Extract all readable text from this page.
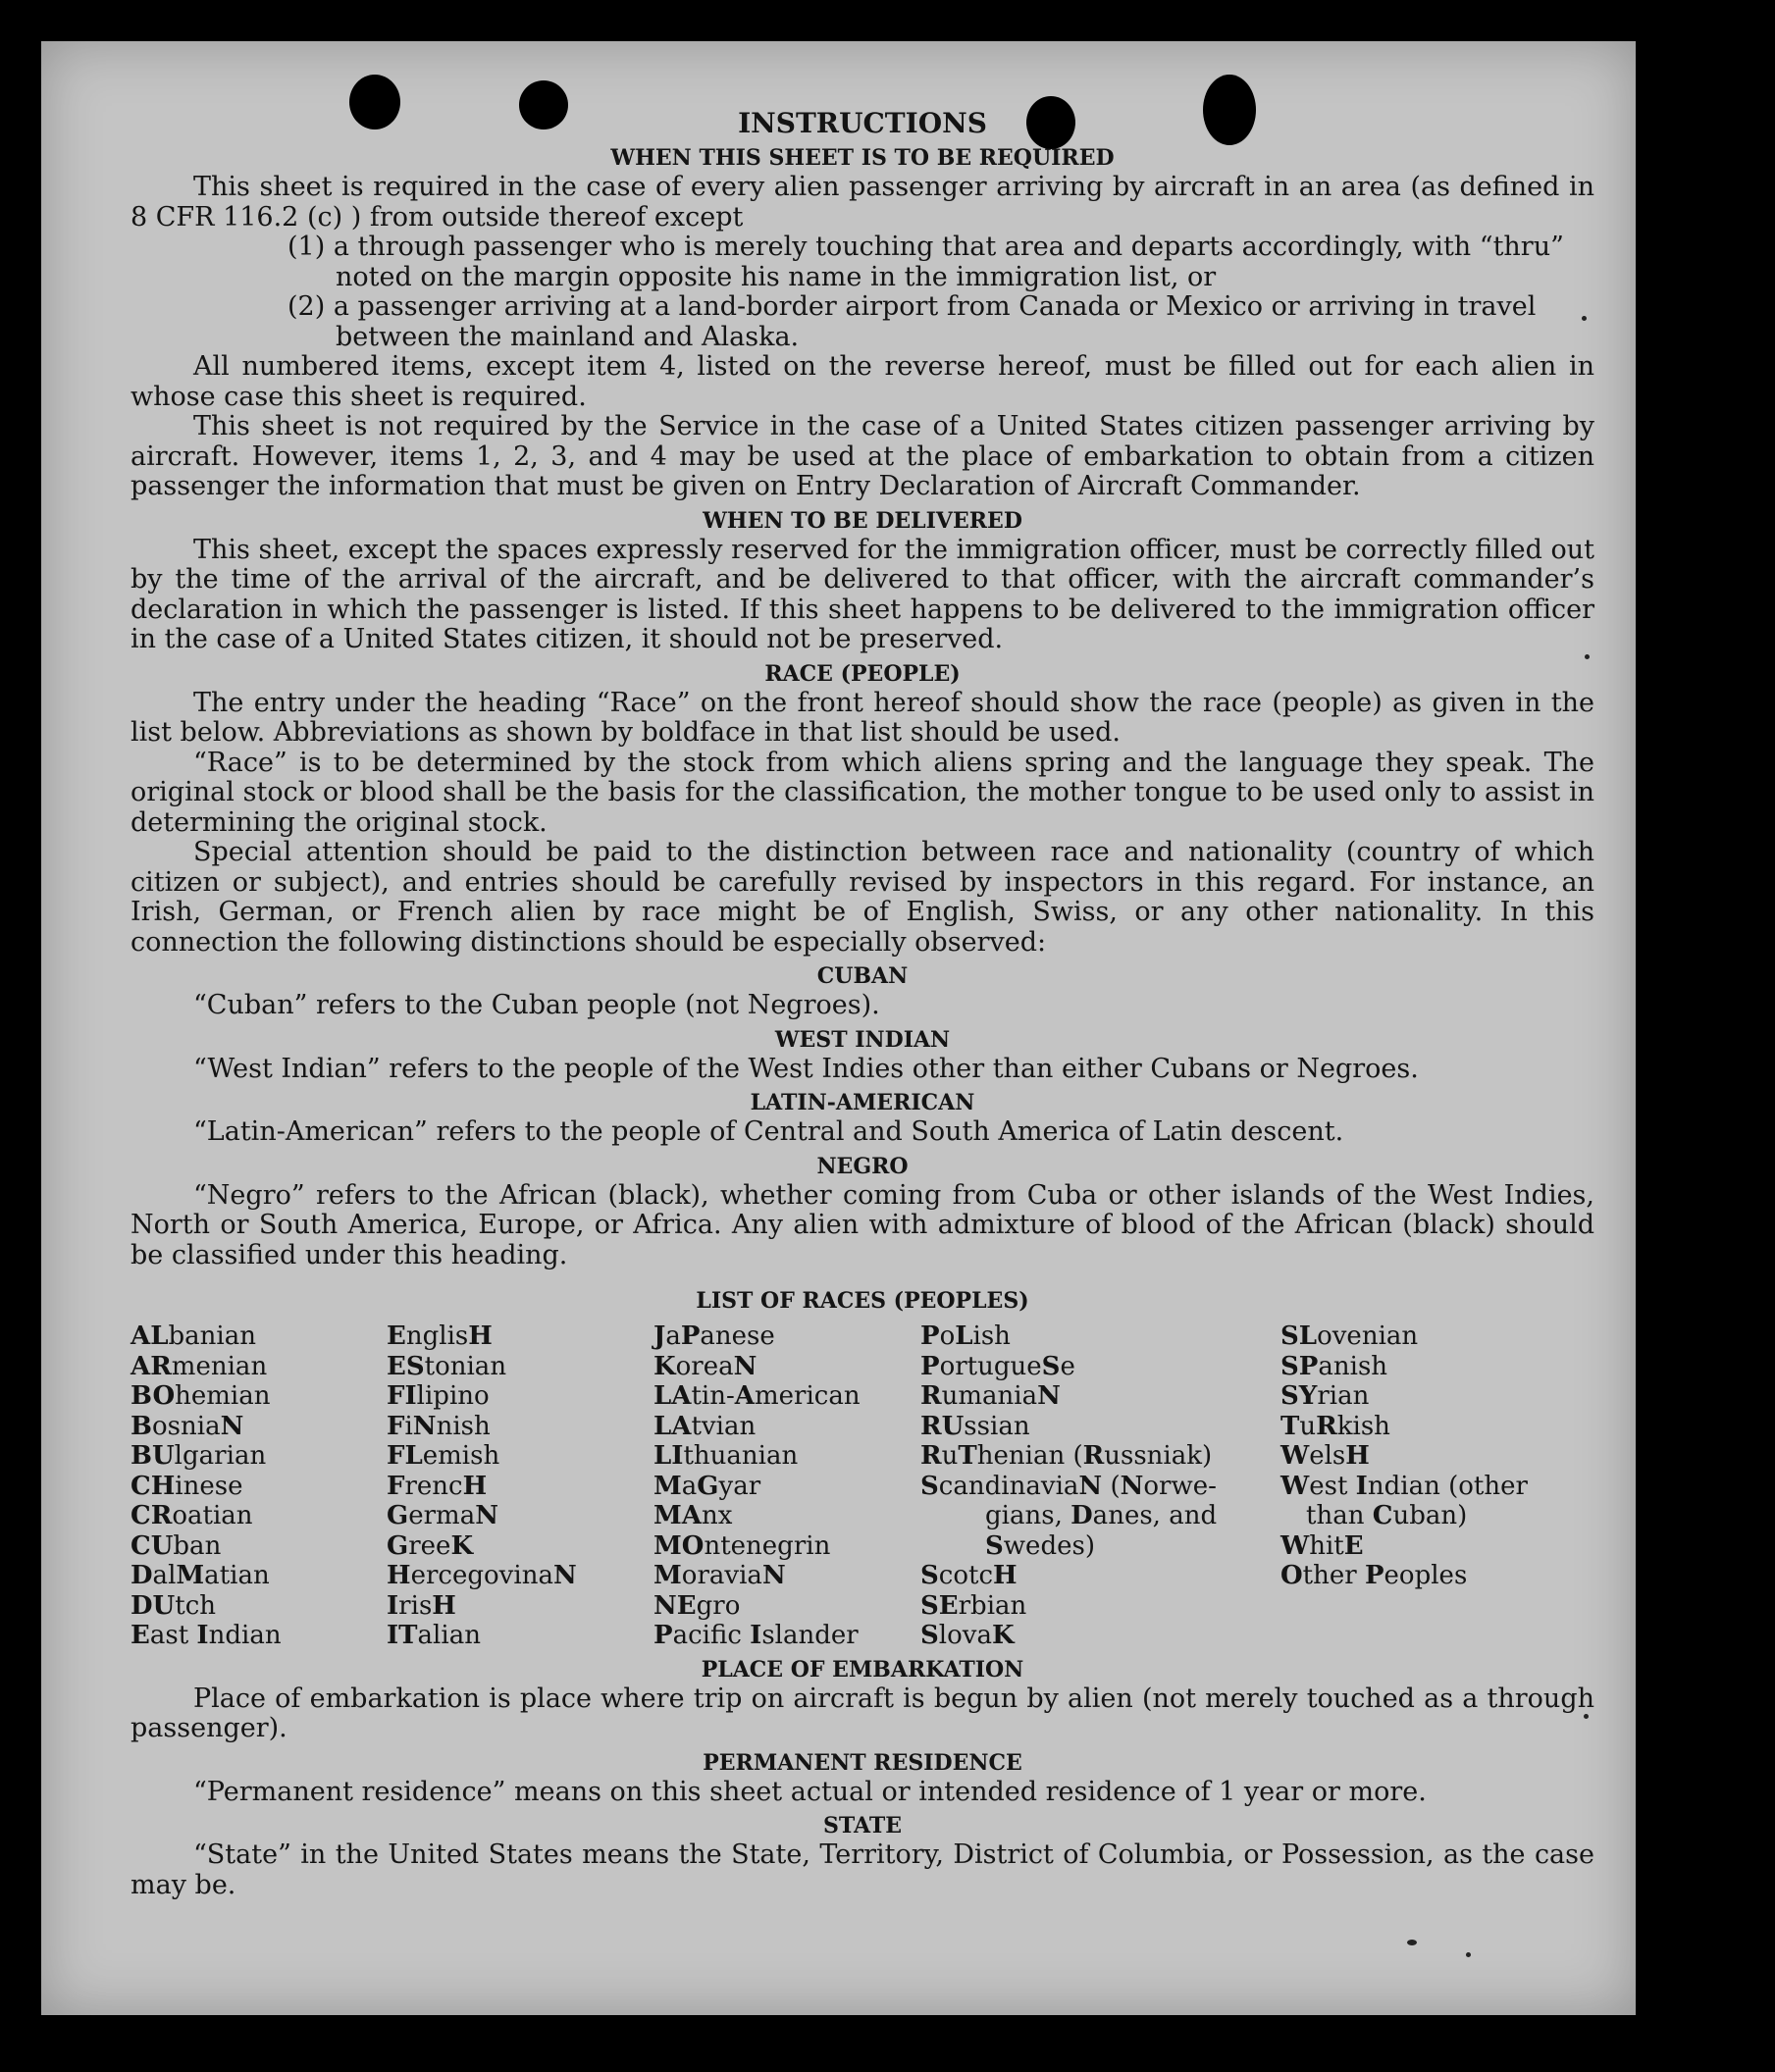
INSTRUCTIONS
WHEN THIS SHEET IS TO BE REQUIRED

This sheet is required in the case of every alien passenger arriving by aircraft in an area (as defined in 8 CFR 116.2 (c) ) from outside thereof except

(1) a through passenger who is merely touching that area and departs accordingly, with “thru” noted on the margin opposite his name in the immigration list, or

(2) a passenger arriving at a land-border airport from Canada or Mexico or arriving in travel between the mainland and Alaska.

All numbered items, except item 4, listed on the reverse hereof, must be filled out for each alien in whose case this sheet is required.

This sheet is not required by the Service in the case of a United States citizen passenger arriving by aircraft. However, items 1, 2, 3, and 4 may be used at the place of embarkation to obtain from a citizen passenger the information that must be given on Entry Declaration of Aircraft Commander.

WHEN TO BE DELIVERED

This sheet, except the spaces expressly reserved for the immigration officer, must be correctly filled out by the time of the arrival of the aircraft, and be delivered to that officer, with the aircraft commander’s declaration in which the passenger is listed. If this sheet happens to be delivered to the immigration officer in the case of a United States citizen, it should not be preserved.

RACE (PEOPLE)

The entry under the heading “Race” on the front hereof should show the race (people) as given in the list below. Abbreviations as shown by boldface in that list should be used.

“Race” is to be determined by the stock from which aliens spring and the language they speak. The original stock or blood shall be the basis for the classification, the mother tongue to be used only to assist in determining the original stock.

Special attention should be paid to the distinction between race and nationality (country of which citizen or subject), and entries should be carefully revised by inspectors in this regard. For instance, an Irish, German, or French alien by race might be of English, Swiss, or any other nationality. In this connection the following distinctions should be especially observed:

CUBAN

“Cuban” refers to the Cuban people (not Negroes).

WEST INDIAN

“West Indian” refers to the people of the West Indies other than either Cubans or Negroes.

LATIN-AMERICAN

“Latin-American” refers to the people of Central and South America of Latin descent.

NEGRO

“Negro” refers to the African (black), whether coming from Cuba or other islands of the West Indies, North or South America, Europe, or Africa. Any alien with admixture of blood of the African (black) should be classified under this heading.

LIST OF RACES (PEOPLES)
ALbanian
ARmenian
BOhemian
BosniaN
BUlgarian
CHinese
CRoatian
CUban
DalMatian
DUtch
East Indian
EnglisH
EStonian
FIlipino
FiNnish
FLemish
FrencH
GermaN
GreeK
HercegovinaN
IrisH
ITalian
JaPanese
KoreaN
LAtin-American
LAtvian
LIthuanian
MaGyar
MAnx
MOntenegrin
MoraviaN
NEgro
Pacifc Islander
PoLish
PortugueSe
RumaniaN
RUssian
RuThenian (Russniak)
ScandinaviaN (Norwe-
gians, Danes, and
Swedes)
ScotcH
SErbian
SlovaK
SLovenian
SPanish
SYrian
TuRkish
WelsH
West Indian (other
than Cuban)
WhitE
Other Peoples
PLACE OF EMBARKATION

Place of embarkation is place where trip on aircraft is begun by alien (not merely touched as a through passenger).

PERMANENT RESIDENCE

“Permanent residence” means on this sheet actual or intended residence of 1 year or more.

STATE

“State” in the United States means the State, Territory, District of Columbia, or Possession, as the case may be.
